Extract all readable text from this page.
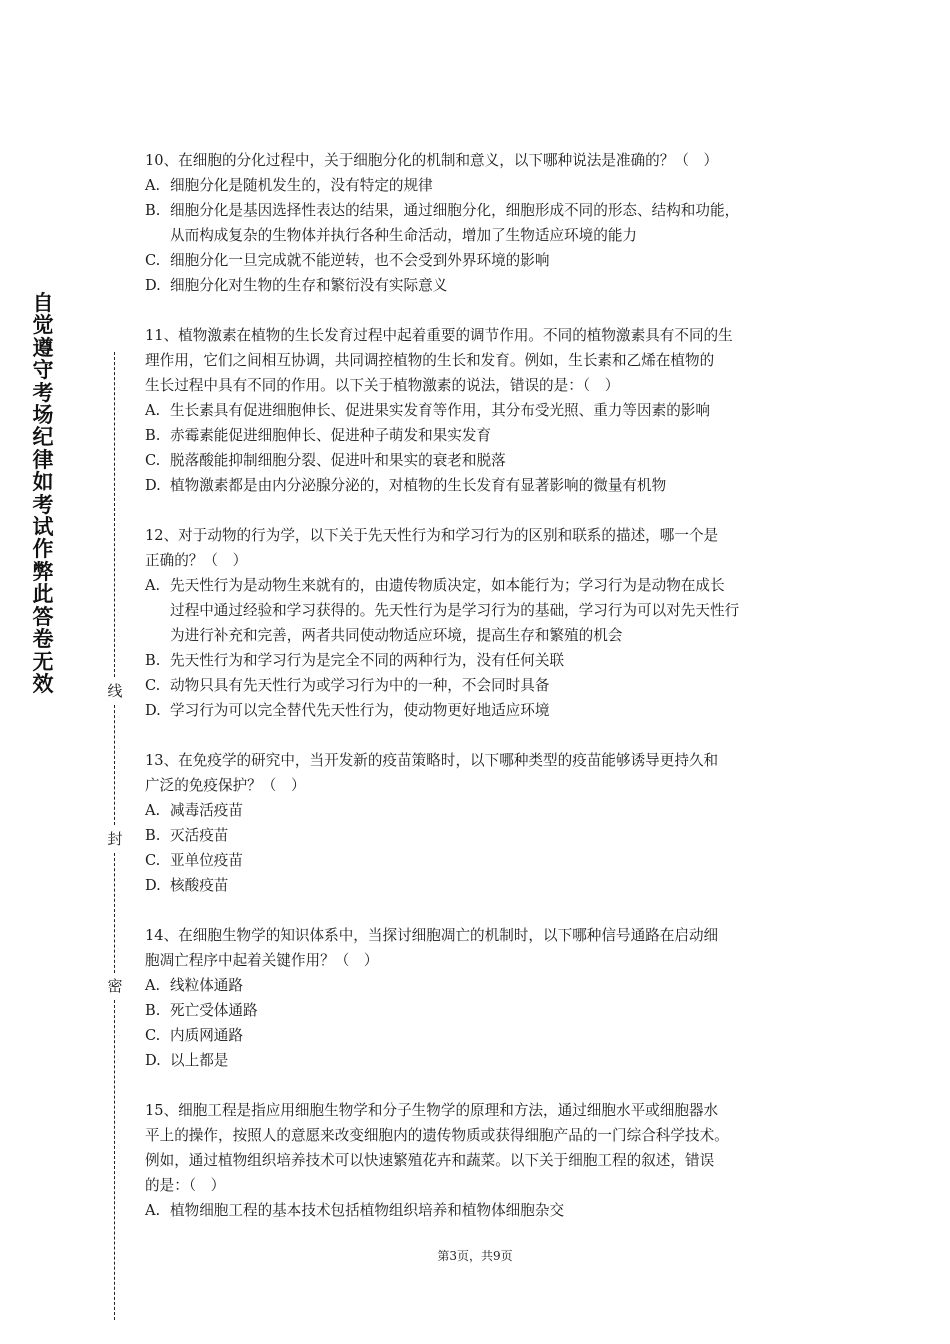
自觉遵守考场纪律如考试作弊此答卷无效	线
封
密
10、在细胞的分化过程中，关于细胞分化的机制和意义，以下哪种说法是准确的？（　）
A. 细胞分化是随机发生的，没有特定的规律
B. 细胞分化是基因选择性表达的结果，通过细胞分化，细胞形成不同的形态、结构和功能，
从而构成复杂的生物体并执行各种生命活动，增加了生物适应环境的能力
C. 细胞分化一旦完成就不能逆转，也不会受到外界环境的影响
D. 细胞分化对生物的生存和繁衍没有实际意义
11、植物激素在植物的生长发育过程中起着重要的调节作用。不同的植物激素具有不同的生
理作用，它们之间相互协调，共同调控植物的生长和发育。例如，生长素和乙烯在植物的
生长过程中具有不同的作用。以下关于植物激素的说法，错误的是：（　）
A. 生长素具有促进细胞伸长、促进果实发育等作用，其分布受光照、重力等因素的影响
B. 赤霉素能促进细胞伸长、促进种子萌发和果实发育
C. 脱落酸能抑制细胞分裂、促进叶和果实的衰老和脱落
D. 植物激素都是由内分泌腺分泌的，对植物的生长发育有显著影响的微量有机物
12、对于动物的行为学，以下关于先天性行为和学习行为的区别和联系的描述，哪一个是
正确的？（　）
A. 先天性行为是动物生来就有的，由遗传物质决定，如本能行为；学习行为是动物在成长
过程中通过经验和学习获得的。先天性行为是学习行为的基础，学习行为可以对先天性行
为进行补充和完善，两者共同使动物适应环境，提高生存和繁殖的机会
B. 先天性行为和学习行为是完全不同的两种行为，没有任何关联
C. 动物只具有先天性行为或学习行为中的一种，不会同时具备
D. 学习行为可以完全替代先天性行为，使动物更好地适应环境
13、在免疫学的研究中，当开发新的疫苗策略时，以下哪种类型的疫苗能够诱导更持久和
广泛的免疫保护？（　）
A. 减毒活疫苗
B. 灭活疫苗
C. 亚单位疫苗
D. 核酸疫苗
14、在细胞生物学的知识体系中，当探讨细胞凋亡的机制时，以下哪种信号通路在启动细
胞凋亡程序中起着关键作用？（　）
A. 线粒体通路
B. 死亡受体通路
C. 内质网通路
D. 以上都是
15、细胞工程是指应用细胞生物学和分子生物学的原理和方法，通过细胞水平或细胞器水
平上的操作，按照人的意愿来改变细胞内的遗传物质或获得细胞产品的一门综合科学技术。
例如，通过植物组织培养技术可以快速繁殖花卉和蔬菜。以下关于细胞工程的叙述，错误
的是：（　）
A. 植物细胞工程的基本技术包括植物组织培养和植物体细胞杂交
第3页，共9页
